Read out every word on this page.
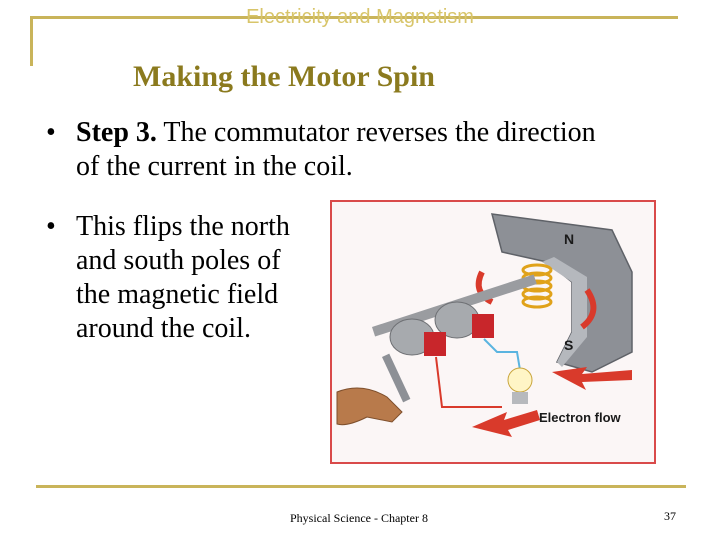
Electricity and Magnetism
Making the Motor Spin
• Step 3. The commutator reverses the direction of the current in the coil.
• This flips the north and south poles of the magnetic field around the coil.
N
S
Electron flow
Physical Science - Chapter 8	37
